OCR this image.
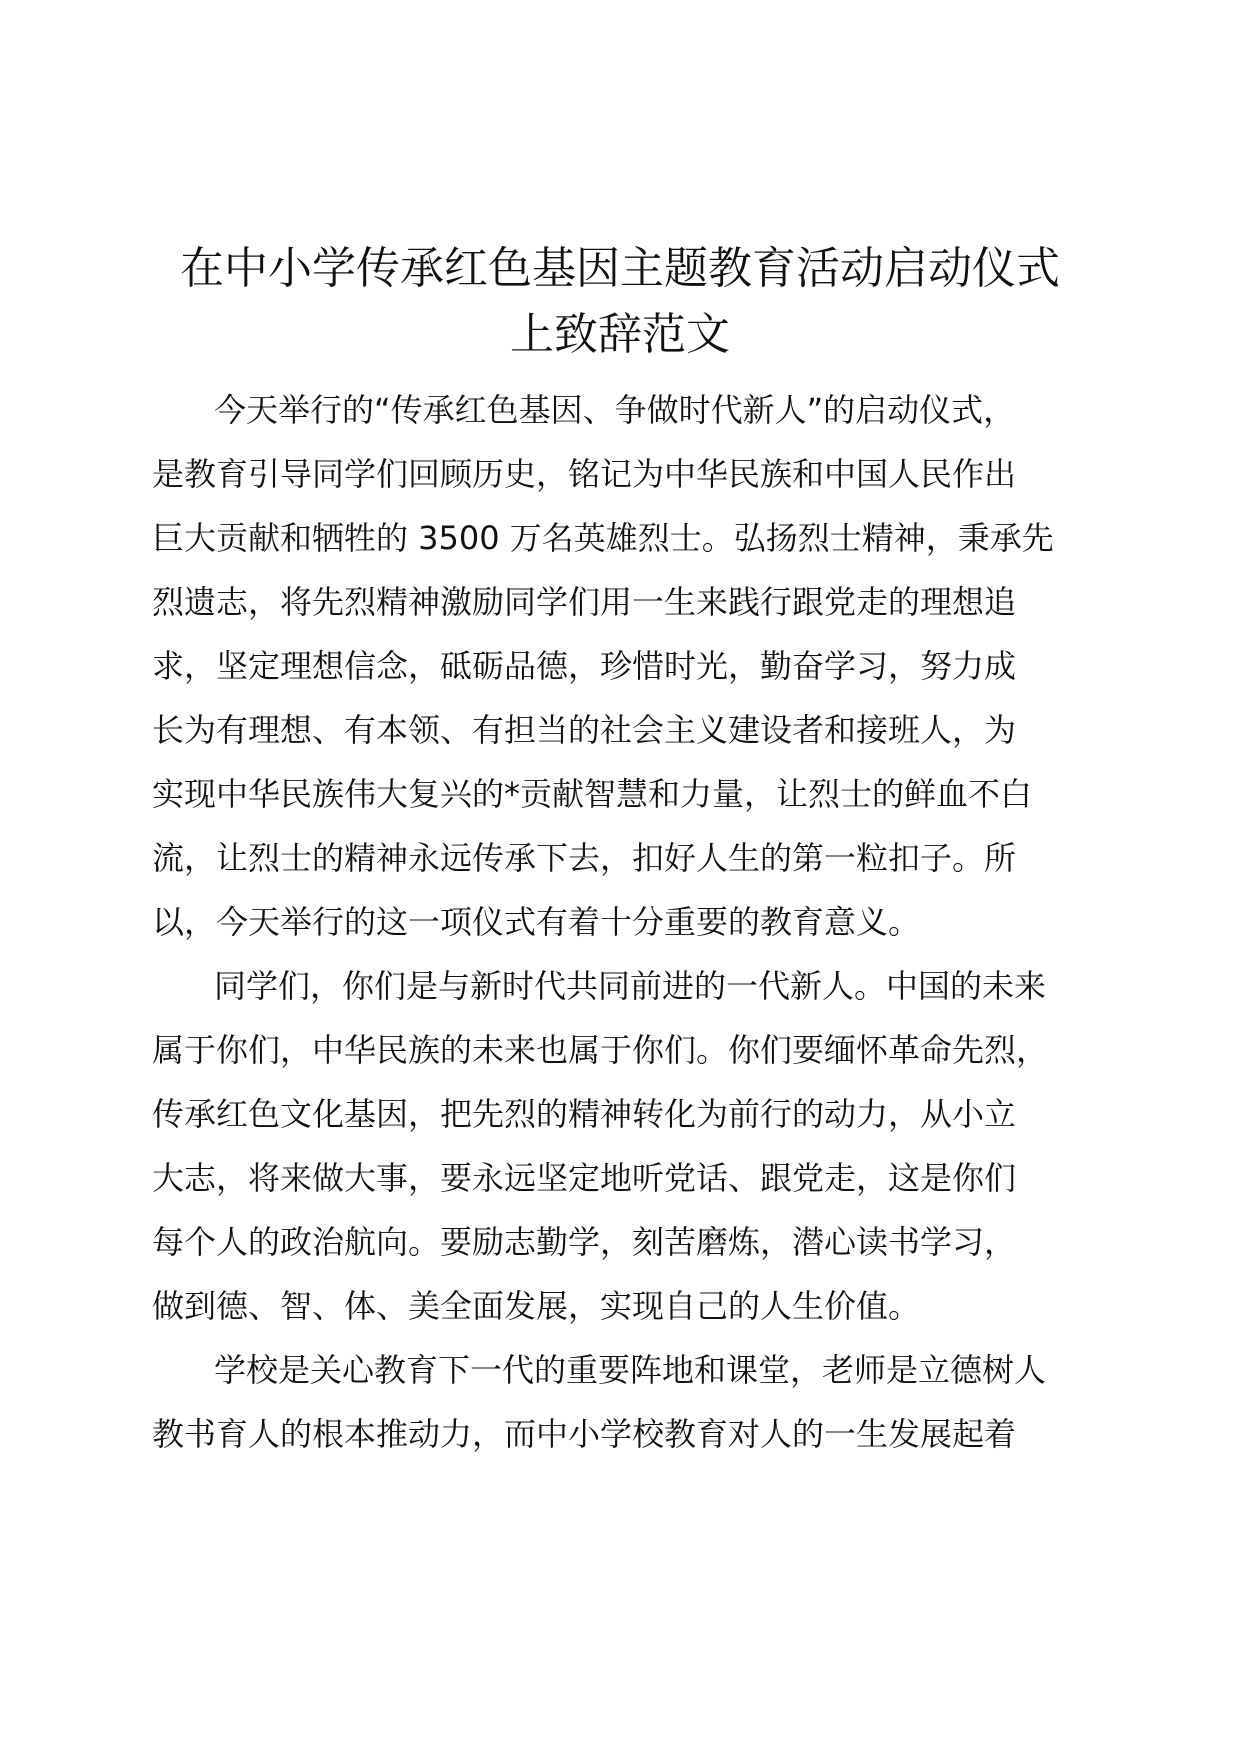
在中小学传承红色基因主题教育活动启动仪式
上致辞范文
今天举行的“传承红色基因、争做时代新人”的启动仪式，
是教育引导同学们回顾历史，铭记为中华民族和中国人民作出
巨大贡献和牺牲的 3500 万名英雄烈士。弘扬烈士精神，秉承先
烈遗志，将先烈精神激励同学们用一生来践行跟党走的理想追
求，坚定理想信念，砥砺品德，珍惜时光，勤奋学习，努力成
长为有理想、有本领、有担当的社会主义建设者和接班人，为
实现中华民族伟大复兴的*贡献智慧和力量，让烈士的鲜血不白
流，让烈士的精神永远传承下去，扣好人生的第一粒扣子。所
以，今天举行的这一项仪式有着十分重要的教育意义。
同学们，你们是与新时代共同前进的一代新人。中国的未来
属于你们，中华民族的未来也属于你们。你们要缅怀革命先烈，
传承红色文化基因，把先烈的精神转化为前行的动力，从小立
大志，将来做大事，要永远坚定地听党话、跟党走，这是你们
每个人的政治航向。要励志勤学，刻苦磨炼，潜心读书学习，
做到德、智、体、美全面发展，实现自己的人生价值。
学校是关心教育下一代的重要阵地和课堂，老师是立德树人
教书育人的根本推动力，而中小学校教育对人的一生发展起着
